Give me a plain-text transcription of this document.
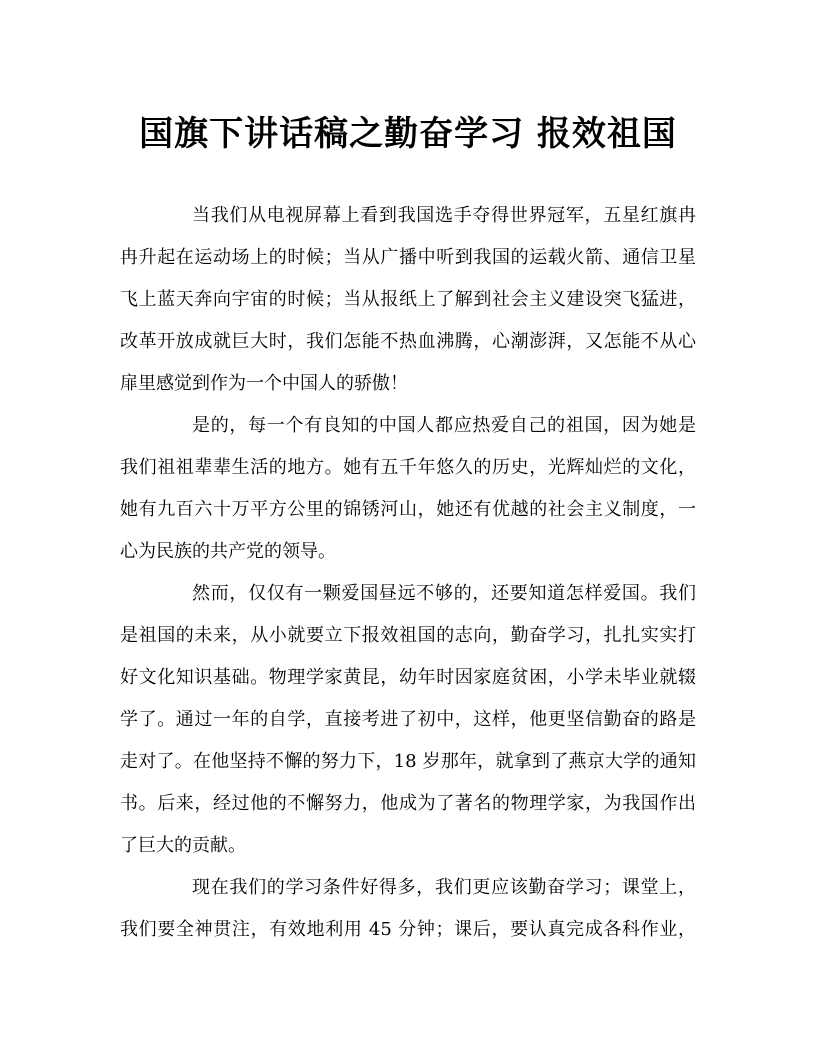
国旗下讲话稿之勤奋学习 报效祖国
当我们从电视屏幕上看到我国选手夺得世界冠军，五星红旗冉
冉升起在运动场上的时候；当从广播中听到我国的运载火箭、通信卫星
飞上蓝天奔向宇宙的时候；当从报纸上了解到社会主义建设突飞猛进，
改革开放成就巨大时，我们怎能不热血沸腾，心潮澎湃，又怎能不从心
扉里感觉到作为一个中国人的骄傲！
是的，每一个有良知的中国人都应热爱自己的祖国，因为她是
我们祖祖辈辈生活的地方。她有五千年悠久的历史，光辉灿烂的文化，
她有九百六十万平方公里的锦锈河山，她还有优越的社会主义制度，一
心为民族的共产党的领导。
然而，仅仅有一颗爱国昼远不够的，还要知道怎样爱国。我们
是祖国的未来，从小就要立下报效祖国的志向，勤奋学习，扎扎实实打
好文化知识基础。物理学家黄昆，幼年时因家庭贫困，小学未毕业就辍
学了。通过一年的自学，直接考进了初中，这样，他更坚信勤奋的路是
走对了。在他坚持不懈的努力下，18 岁那年，就拿到了燕京大学的通知
书。后来，经过他的不懈努力，他成为了著名的物理学家，为我国作出
了巨大的贡献。
现在我们的学习条件好得多，我们更应该勤奋学习；课堂上，
我们要全神贯注，有效地利用 45 分钟；课后，要认真完成各科作业，
